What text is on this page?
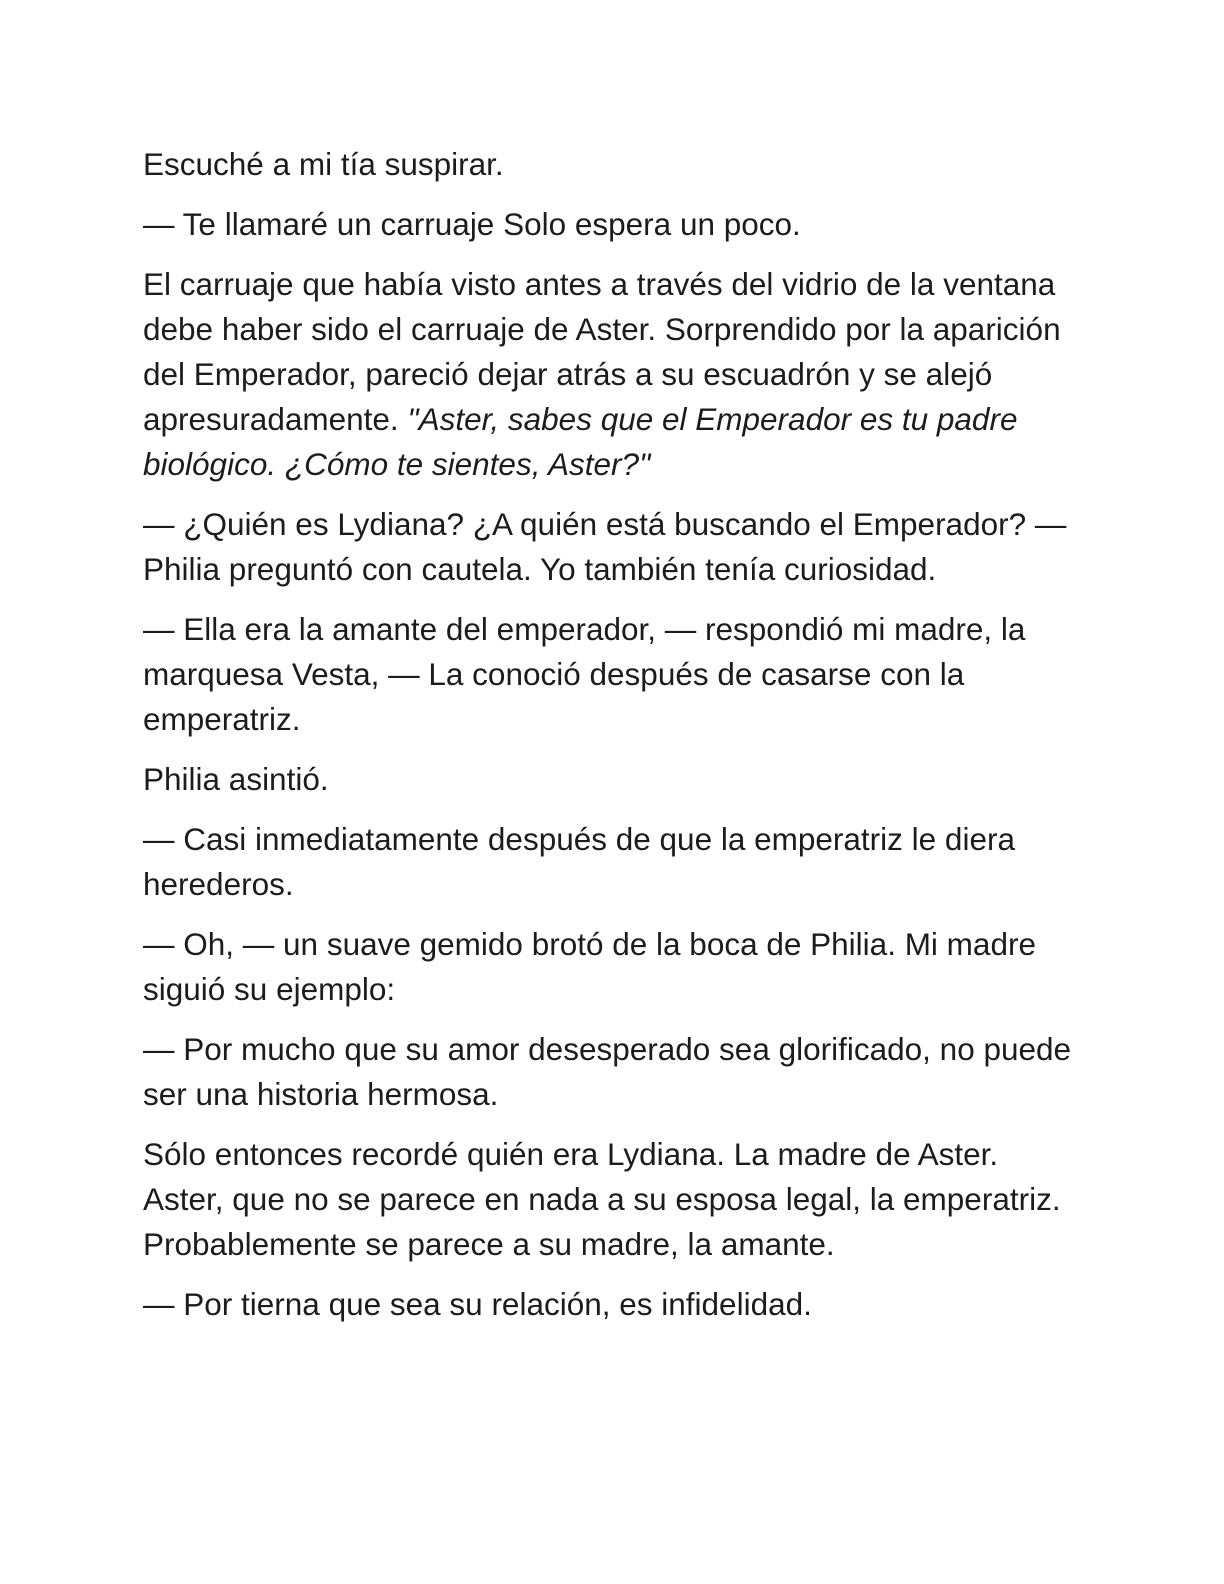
Escuché a mi tía suspirar.

— Te llamaré un carruaje Solo espera un poco.

El carruaje que había visto antes a través del vidrio de la ventana debe haber sido el carruaje de Aster. Sorprendido por la aparición del Emperador, pareció dejar atrás a su escuadrón y se alejó apresuradamente. "Aster, sabes que el Emperador es tu padre biológico. ¿Cómo te sientes, Aster?"

— ¿Quién es Lydiana? ¿A quién está buscando el Emperador? — Philia preguntó con cautela. Yo también tenía curiosidad.

— Ella era la amante del emperador, — respondió mi madre, la marquesa Vesta, — La conoció después de casarse con la emperatriz.

Philia asintió.

— Casi inmediatamente después de que la emperatriz le diera herederos.

— Oh, — un suave gemido brotó de la boca de Philia. Mi madre siguió su ejemplo:

— Por mucho que su amor desesperado sea glorificado, no puede ser una historia hermosa.

Sólo entonces recordé quién era Lydiana. La madre de Aster. Aster, que no se parece en nada a su esposa legal, la emperatriz. Probablemente se parece a su madre, la amante.

— Por tierna que sea su relación, es infidelidad.
